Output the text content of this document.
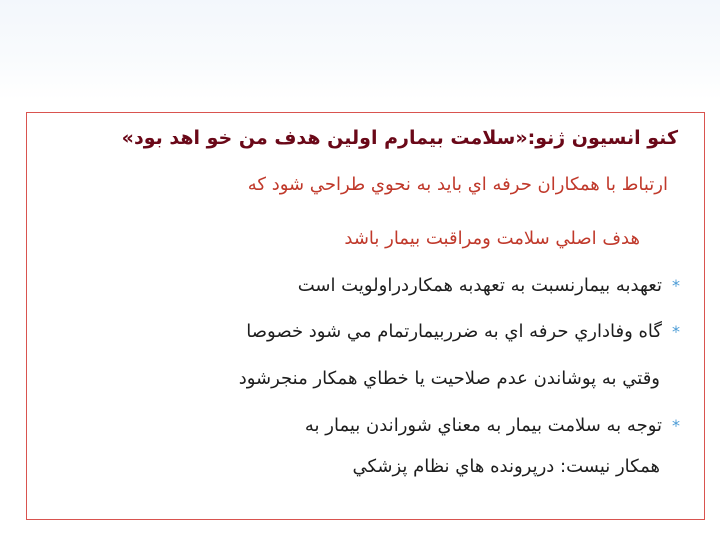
كنو انسيون ژنو:«سلامت بيمارم اولين هدف من خو اهد بود»

ارتباط با همكاران حرفه اي بايد به نحوي طراحي شود كه

هدف اصلي سلامت ومراقبت بيمار باشد

*
تعهدبه بيمارنسبت به تعهدبه همكاردراولويت است
*
گاه وفاداري حرفه اي به ضرربيمارتمام مي شود خصوصا

وقتي به پوشاندن عدم صلاحيت يا خطاي همكار منجرشود

*
توجه به سلامت بيمار به معناي شوراندن بيمار به

همكار نيست: درپرونده هاي نظام پزشكي
